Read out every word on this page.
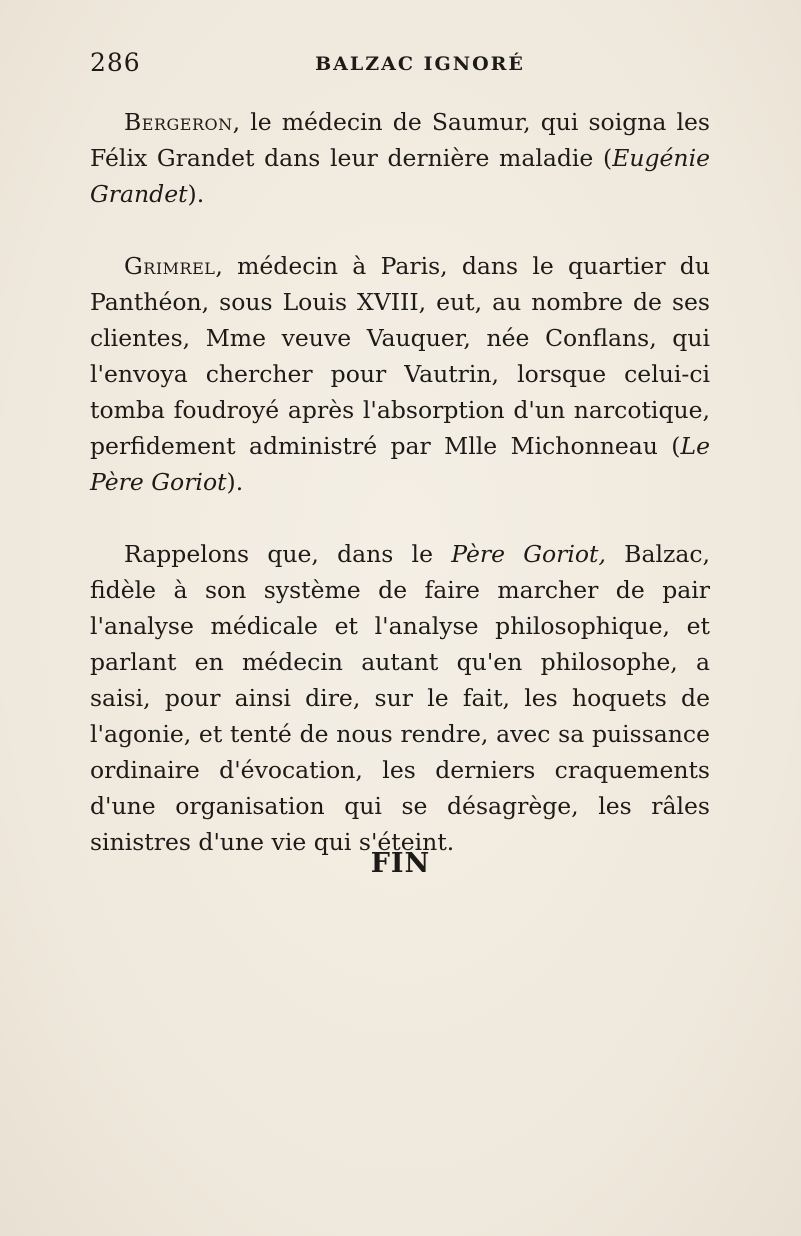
286	BALZAC IGNORÉ

Bergeron, le médecin de Saumur, qui soigna les Félix Grandet dans leur dernière maladie (Eugénie Grandet).

Grimrel, médecin à Paris, dans le quartier du Panthéon, sous Louis XVIII, eut, au nombre de ses clientes, Mme veuve Vauquer, née Conflans, qui l'envoya chercher pour Vautrin, lorsque celui-ci tomba foudroyé après l'absorption d'un narcotique, perfidement administré par Mlle Michonneau (Le Père Goriot).

Rappelons que, dans le Père Goriot, Balzac, fidèle à son système de faire marcher de pair l'analyse médicale et l'analyse philosophique, et parlant en médecin autant qu'en philosophe, a saisi, pour ainsi dire, sur le fait, les hoquets de l'agonie, et tenté de nous rendre, avec sa puissance ordinaire d'évocation, les derniers craquements d'une organisation qui se désagrège, les râles sinistres d'une vie qui s'éteint.

FIN
